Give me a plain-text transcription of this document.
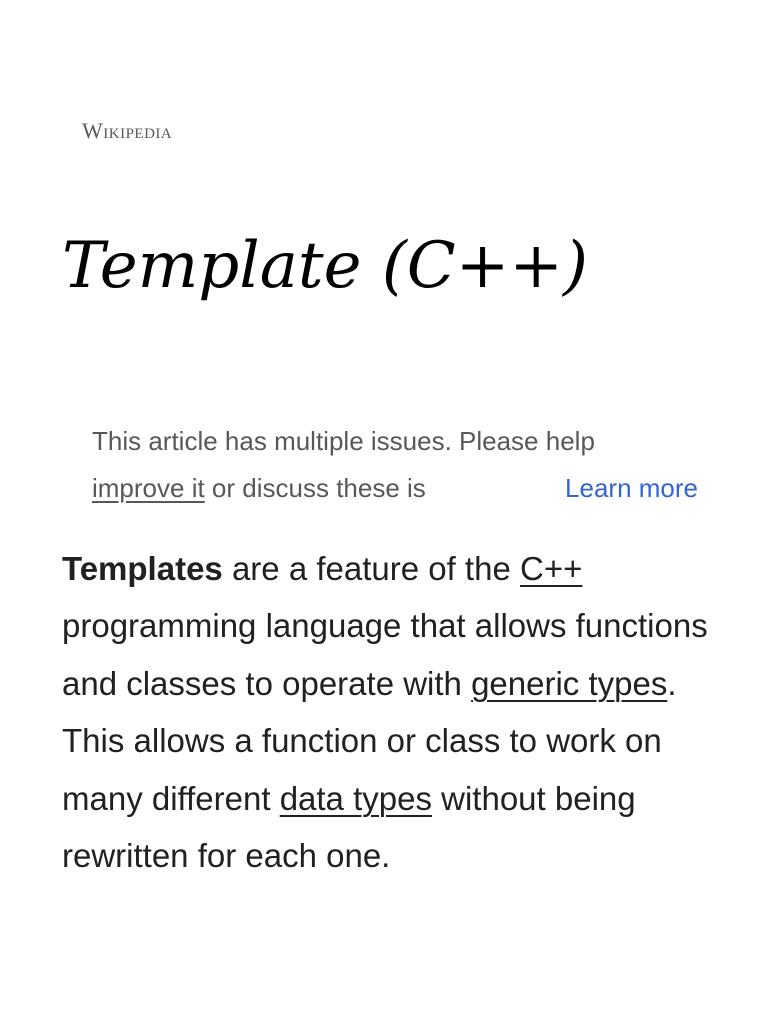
Wikipedia
Template (C++)
This article has multiple issues. Please help
improve it or discuss these is	Learn more

Templates are a feature of the C++ programming language that allows functions and classes to operate with generic types. This allows a function or class to work on many different data types without being rewritten for each one.
